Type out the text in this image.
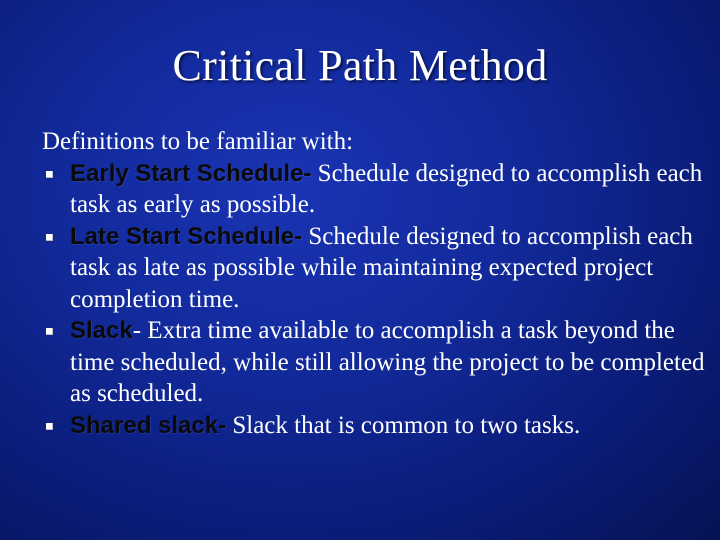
Critical Path Method

Definitions to be familiar with:

Early Start Schedule- Schedule designed to accomplish each task as early as possible.
Late Start Schedule- Schedule designed to accomplish each task as late as possible while maintaining expected project completion time.
Slack- Extra time available to accomplish a task beyond the time scheduled, while still allowing the project to be completed as scheduled.
Shared slack- Slack that is common to two tasks.
